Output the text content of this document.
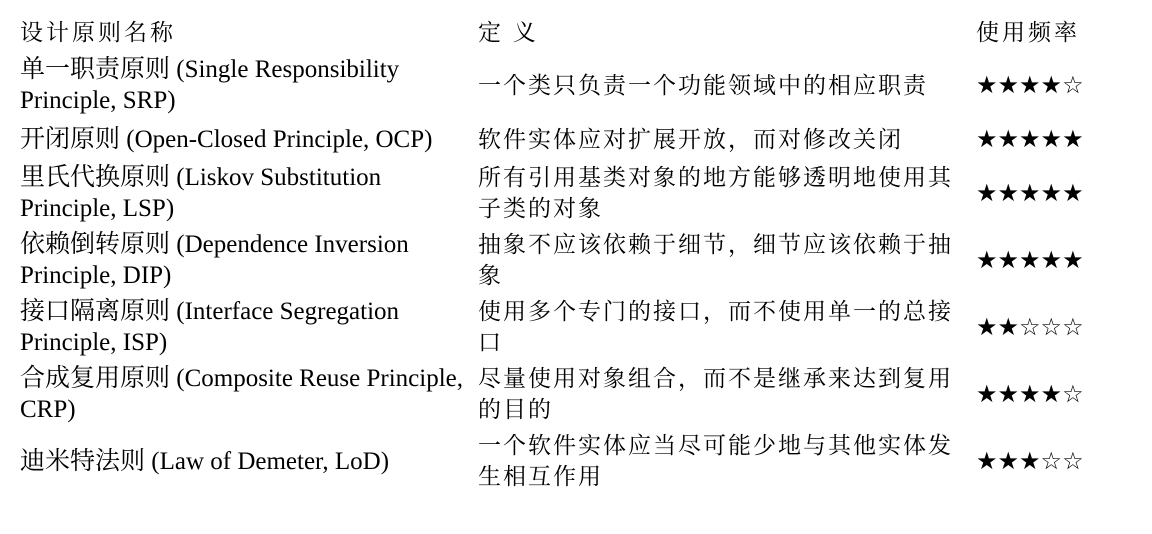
设计原则名称	定 义	使用频率
单一职责原则 (Single Responsibility Principle, SRP)	一个类只负责一个功能领域中的相应职责	★★★★☆
开闭原则 (Open-Closed Principle, OCP)	软件实体应对扩展开放，而对修改关闭	★★★★★
里氏代换原则 (Liskov Substitution Principle, LSP)	所有引用基类对象的地方能够透明地使用其子类的对象	★★★★★
依赖倒转原则 (Dependence Inversion Principle, DIP)	抽象不应该依赖于细节，细节应该依赖于抽象	★★★★★
接口隔离原则 (Interface Segregation Principle, ISP)	使用多个专门的接口，而不使用单一的总接口	★★☆☆☆
合成复用原则 (Composite Reuse Principle, CRP)	尽量使用对象组合，而不是继承来达到复用的目的	★★★★☆
迪米特法则 (Law of Demeter, LoD)	一个软件实体应当尽可能少地与其他实体发生相互作用	★★★☆☆
